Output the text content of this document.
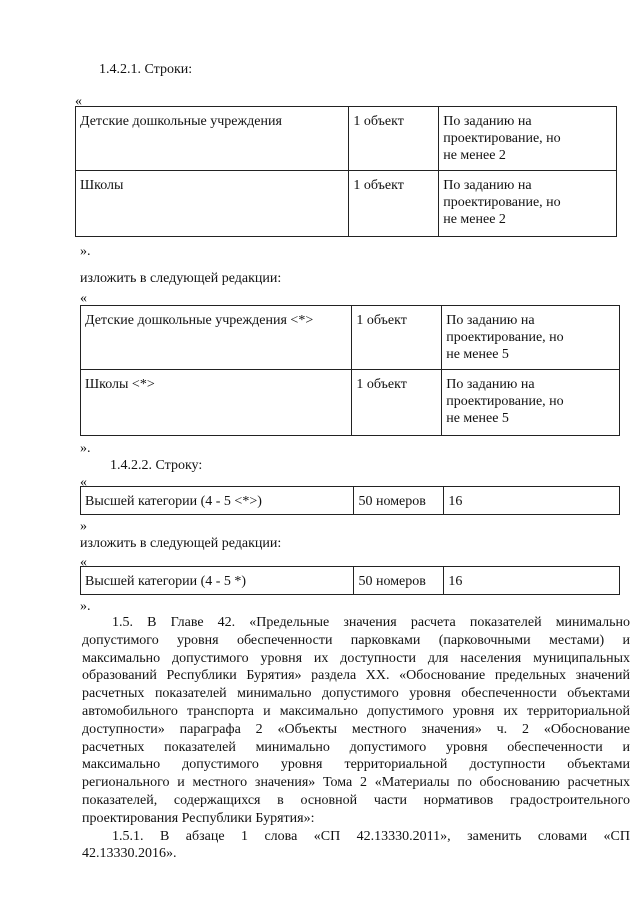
1.4.2.1. Строки:
«
Детские дошкольные учреждения	1 объект	По заданию на
проектирование, но
не менее 2

Школы	1 объект	По заданию на
проектирование, но
не менее 2
».
изложить в следующей редакции:
«
Детские дошкольные учреждения <*>	1 объект	По заданию на
проектирование, но
не менее 5

Школы <*>	1 объект	По заданию на
проектирование, но
не менее 5
».
1.4.2.2. Строку:
«
Высшей категории (4 - 5 <*>)	50 номеров	16
»
изложить в следующей редакции:
«
Высшей категории (4 - 5 *)	50 номеров	16
».
1.5. В Главе 42. «Предельные значения расчета показателей минимально
допустимого уровня обеспеченности парковками (парковочными местами) и
максимально допустимого уровня их доступности для населения муниципальных
образований Республики Бурятия» раздела XX. «Обоснование предельных значений
расчетных показателей минимально допустимого уровня обеспеченности объектами
автомобильного транспорта и максимально допустимого уровня их территориальной
доступности» параграфа 2 «Объекты местного значения» ч. 2 «Обоснование
расчетных показателей минимально допустимого уровня обеспеченности и
максимально допустимого уровня территориальной доступности объектами
регионального и местного значения» Тома 2 «Материалы по обоснованию расчетных
показателей, содержащихся в основной части нормативов градостроительного
проектирования Республики Бурятия»:
1.5.1. В абзаце 1 слова «СП 42.13330.2011», заменить словами «СП
42.13330.2016».
